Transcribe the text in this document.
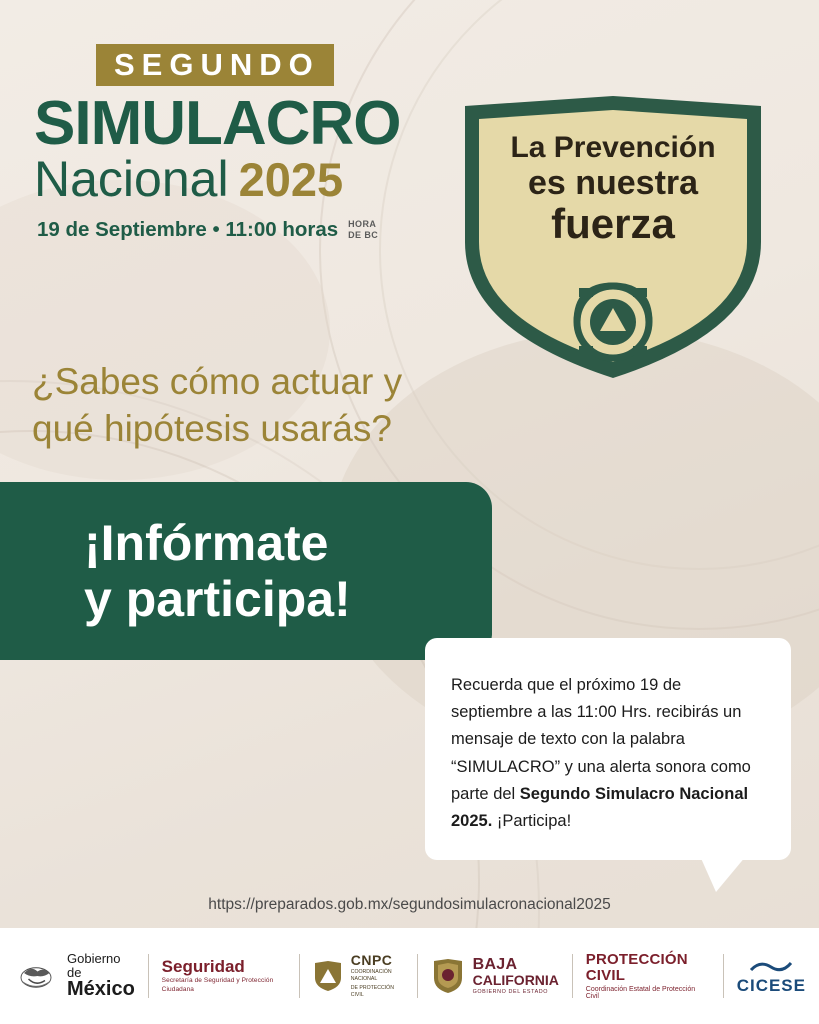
SEGUNDO
SIMULACRO
Nacional 2025
19 de Septiembre • 11:00 horas HORA
DE BC
La Prevención
es nuestra
fuerza
¿Sabes cómo actuar y
qué hipótesis usarás?
¡Infórmate
y participa!

Recuerda que el próximo 19 de septiembre a las 11:00 Hrs. recibirás un mensaje de texto con la palabra “SIMULACRO” y una alerta sonora como parte del Segundo Simulacro Nacional 2025. ¡Participa!

https://preparados.gob.mx/segundosimulacronacional2025
Gobierno de
México
Seguridad
Secretaría de Seguridad y Protección Ciudadana
CNPC
COORDINACIÓN NACIONAL
DE PROTECCIÓN CIVIL
BAJA
CALIFORNIA
GOBIERNO DEL ESTADO
PROTECCIÓN CIVIL
Coordinación Estatal de Protección Civil
CICESE
